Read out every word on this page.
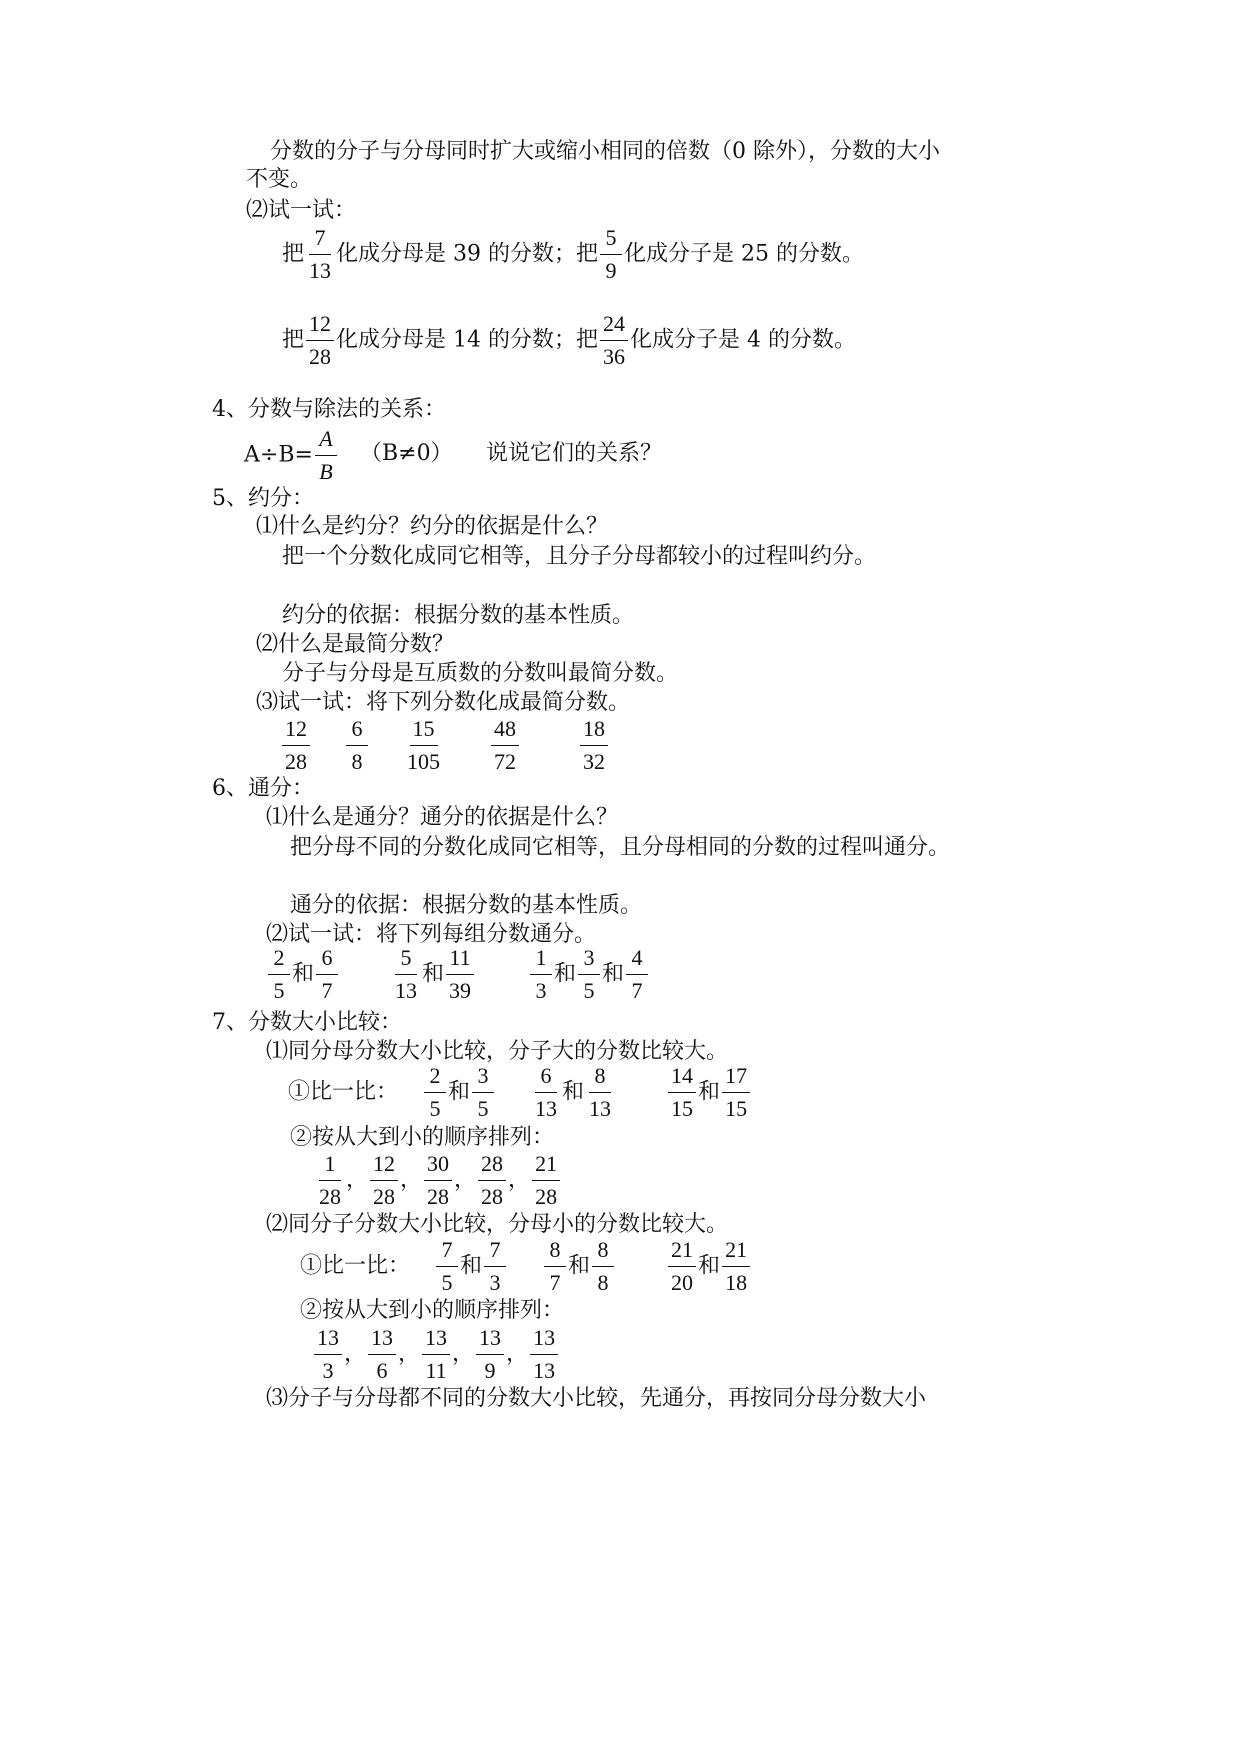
分数的分子与分母同时扩大或缩小相同的倍数（0 除外），分数的大小
不变。
⑵试一试：
把 $\frac{7}{13}$ 化成分母是 39 的分数；把 $\frac{5}{9}$ 化成分子是 25 的分数。
把 $\frac{12}{28}$ 化成分母是 14 的分数；把 $\frac{24}{36}$ 化成分子是 4 的分数。
4、分数与除法的关系：
$A\div B= \frac{A}{B} (B\ne 0)$ 说说它们的关系？
5、约分：
⑴什么是约分？约分的依据是什么？
把一个分数化成同它相等，且分子分母都较小的过程叫约分。
约分的依据：根据分数的基本性质。
⑵什么是最简分数？
分子与分母是互质数的分数叫最简分数。
⑶试一试：将下列分数化成最简分数。
$\frac{12}{28} \frac{6}{8} \frac{15}{105} \frac{48}{72}$	$\frac{18}{32}$
6、通分：
⑴什么是通分？通分的依据是什么？
把分母不同的分数化成同它相等，且分母相同的分数的过程叫通分。
通分的依据：根据分数的基本性质。
⑵试一试：将下列每组分数通分。
$\frac{2}{5}$ 和 $\frac{6}{7} \frac{5}{13}$ 和 $\frac{11}{39}$	$\frac{1}{3}$ 和 $\frac{3}{5}$ 和 $\frac{4}{7}$
7、分数大小比较：
⑴同分母分数大小比较，分子大的分数比较大。
①比一比： $\frac{2}{5}$ 和 $\frac{3}{5} \frac{6}{13}$ 和 $\frac{8}{13} \frac{14}{15}$ 和 $\frac{17}{15}$
②按从大到小的顺序排列：
$\frac{1}{28}$ ， $\frac{12}{28}$ ， $\frac{30}{28}$ ， $\frac{28}{28}$ ， $\frac{21}{28}$
⑵同分子分数大小比较，分母小的分数比较大。
①比一比： $\frac{7}{5}$ 和 $\frac{7}{3} \frac{8}{7}$ 和 $\frac{8}{8} \frac{21}{20}$ 和 $\frac{21}{18}$
②按从大到小的顺序排列：
$\frac{13}{3}$ ， $\frac{13}{6}$ ， $\frac{13}{11}$ ， $\frac{13}{9}$ ， $\frac{13}{13}$
⑶分子与分母都不同的分数大小比较，先通分，再按同分母分数大小
